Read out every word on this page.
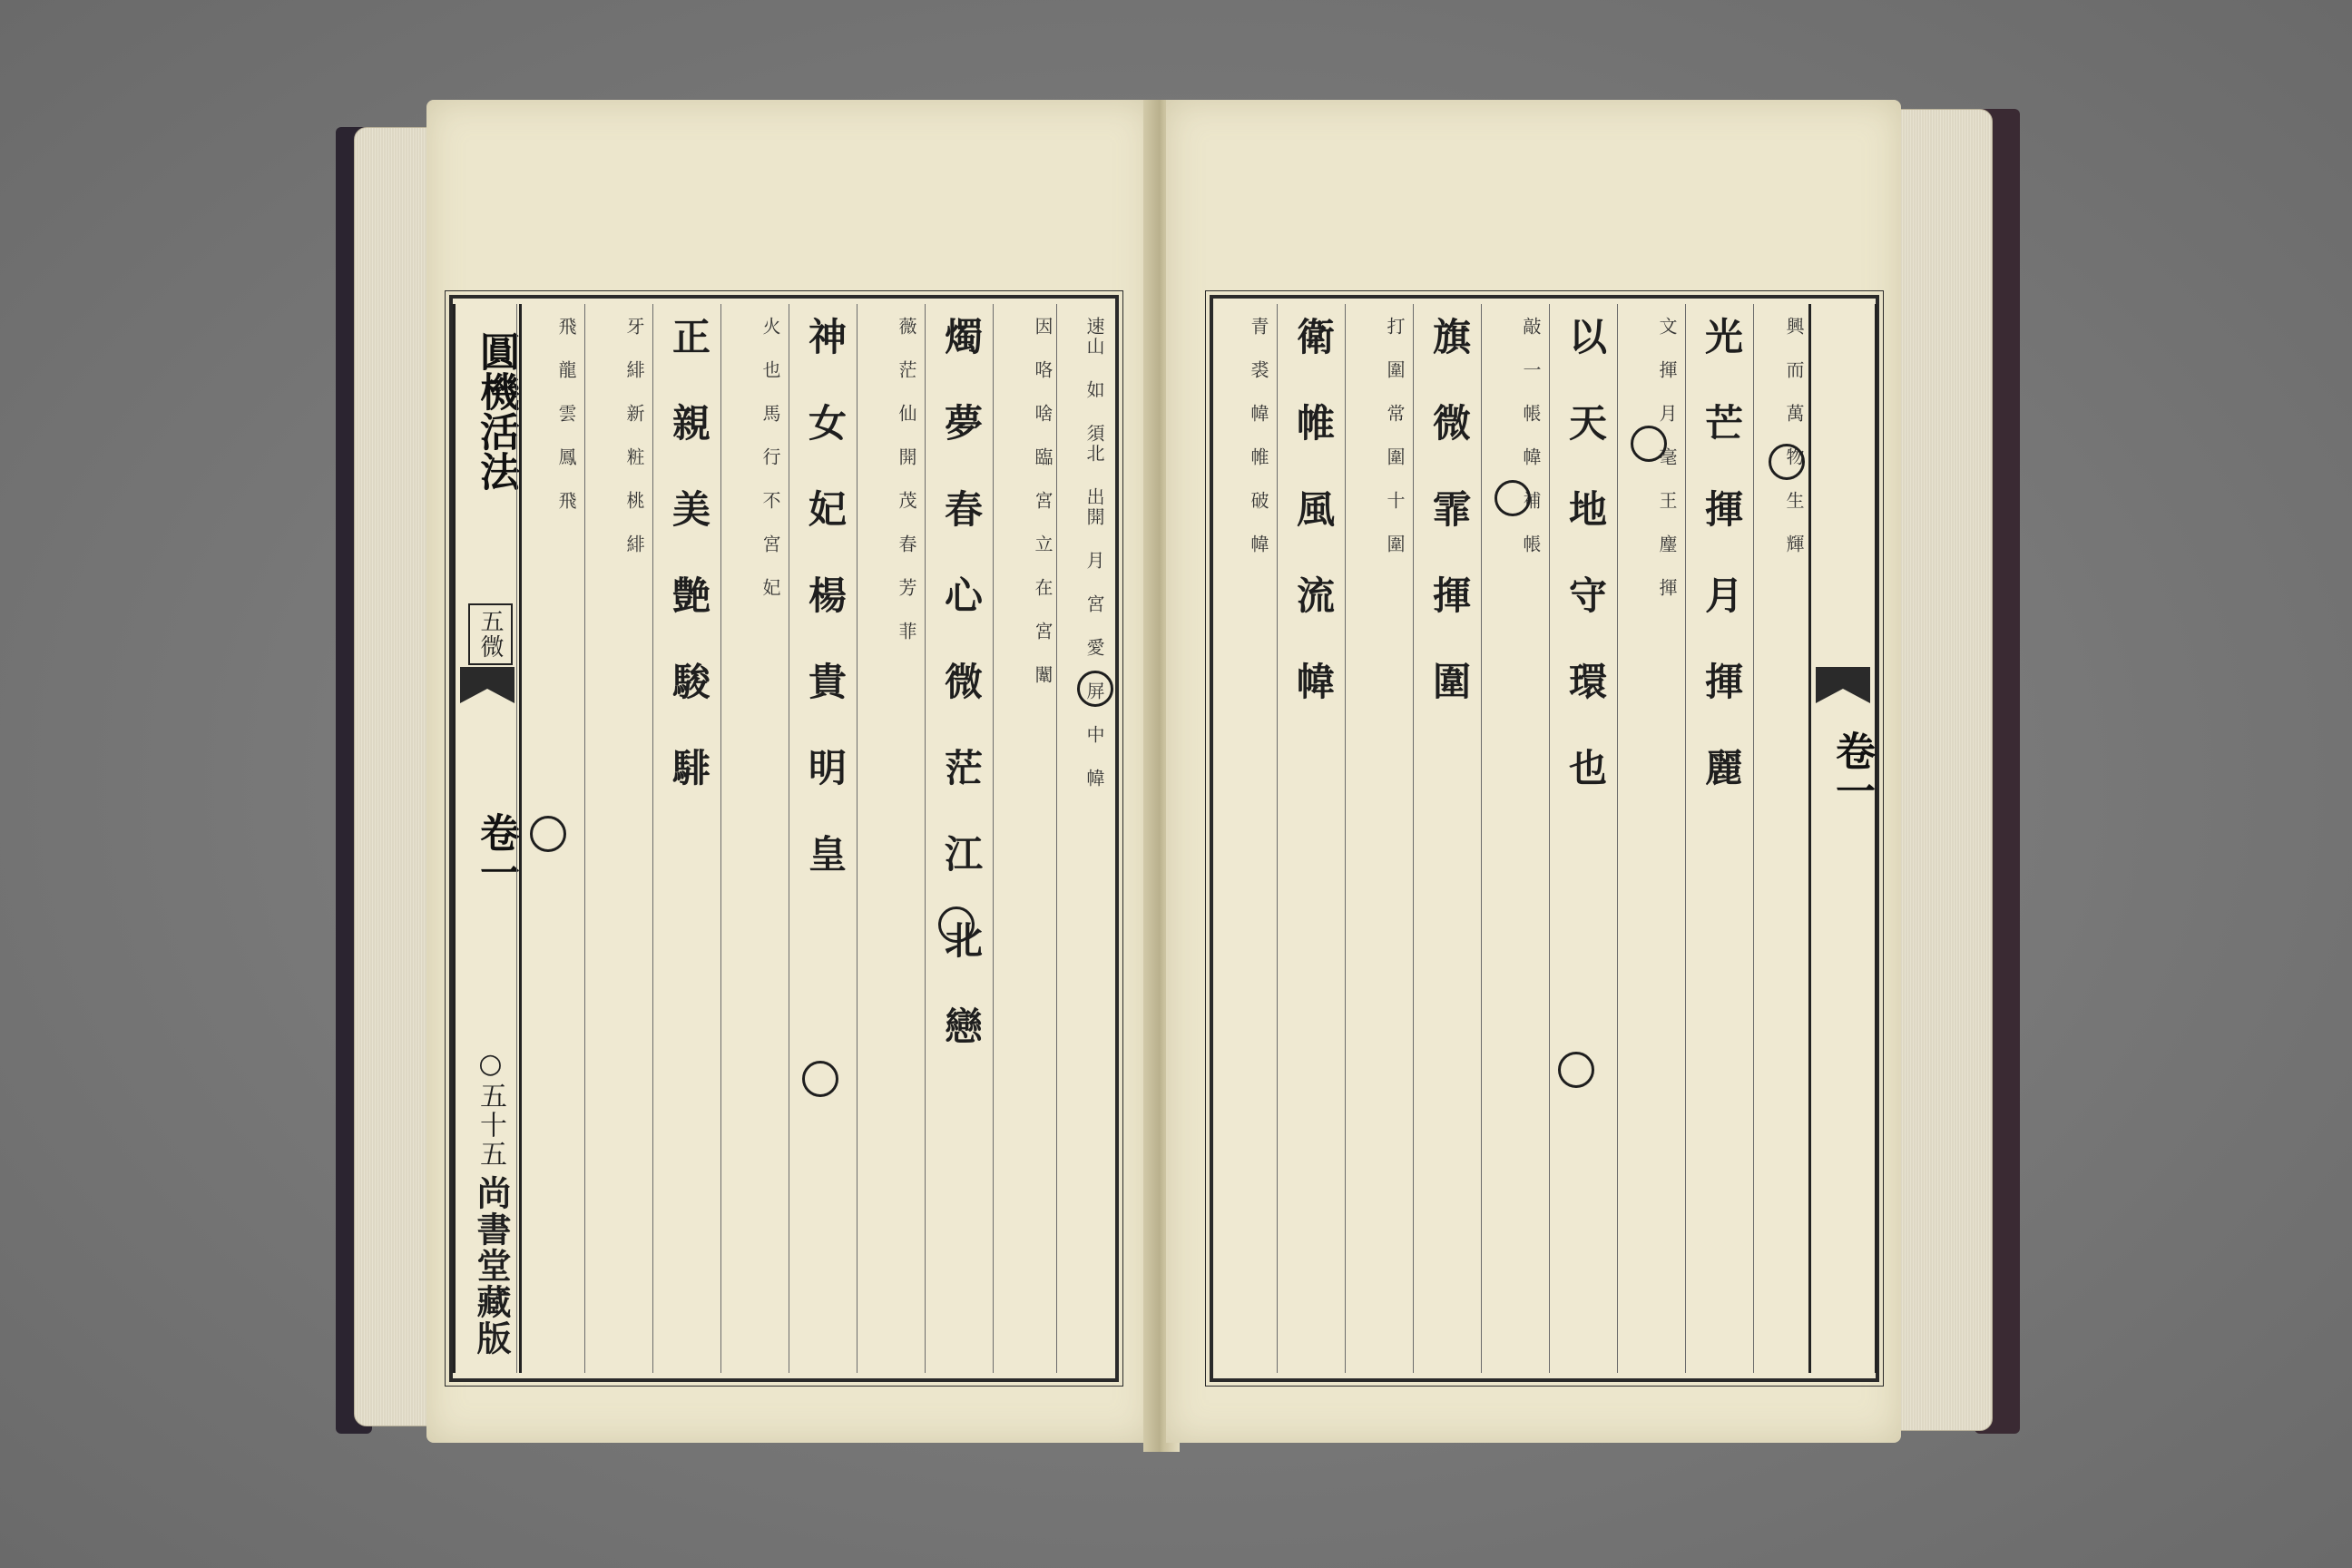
圓機活法
五微
卷一
○五十五
尚書堂藏版
飛 龍 雲 鳳 飛	牙 緋 新 粧 桃 緋 正 親 美 艶 駿 騑	火 也 馬 行 不 宮 妃 神 女 妃 楊 貴 明 皇	薇 茫 仙 開 茂 春 芳 菲 燭 夢 春 心 微 茫 江 北 戀	因 咯 啥 臨 宮 立 在 宮 闈	速山 如 須北 出開 月 宮 愛 屏 中 幃	青 裘 幃 帷 破 幃 衛 帷 風 流 幃	打 圍 常 圍 十 圍 旗 微 霏 揮 圍	敲 一 帳 幃 補 帳 以 天 地 守 環 也	文 揮 月 毫 王 麈 揮 光 芒 揮 月 揮 麗	興 而 萬 物 生 輝
卷一
